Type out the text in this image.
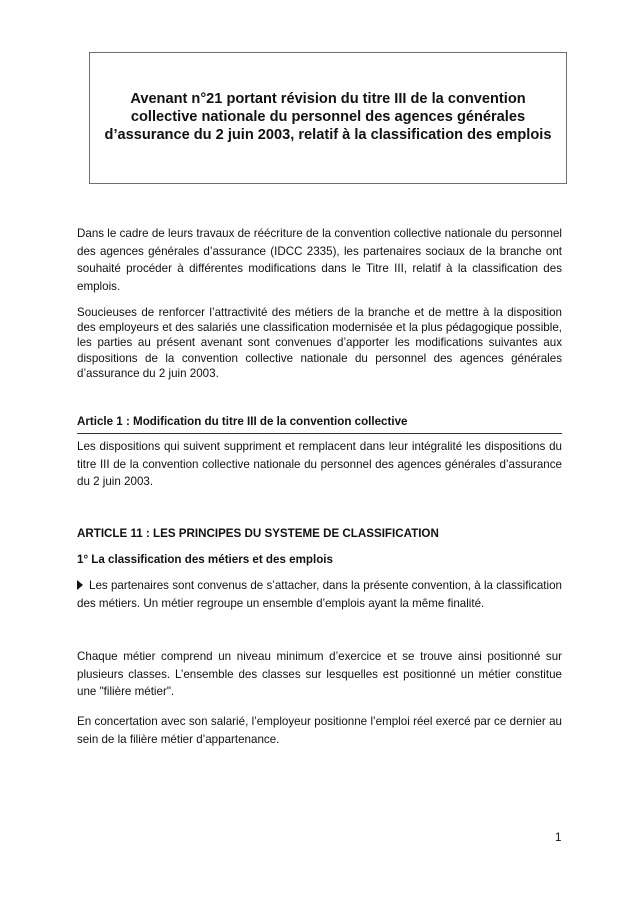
Avenant n°21 portant révision du titre III de la convention
collective nationale du personnel des agences générales
d’assurance du 2 juin 2003, relatif à la classification des emplois

Dans le cadre de leurs travaux de réécriture de la convention collective nationale du personnel des agences générales d’assurance (IDCC 2335), les partenaires sociaux de la branche ont souhaité procéder à différentes modifications dans le Titre III, relatif à la classification des emplois.

Soucieuses de renforcer l’attractivité des métiers de la branche et de mettre à la disposition des employeurs et des salariés une classification modernisée et la plus pédagogique possible, les parties au présent avenant sont convenues d’apporter les modifications suivantes aux dispositions de la convention collective nationale du personnel des agences générales d’assurance du 2 juin 2003.

Article 1 : Modification du titre III de la convention collective

Les dispositions qui suivent suppriment et remplacent dans leur intégralité les dispositions du titre III de la convention collective nationale du personnel des agences générales d’assurance du 2 juin 2003.

ARTICLE 11 : LES PRINCIPES DU SYSTEME DE CLASSIFICATION
1° La classification des métiers et des emplois

Les partenaires sont convenus de s’attacher, dans la présente convention, à la classification des métiers. Un métier regroupe un ensemble d’emplois ayant la même finalité.

Chaque métier comprend un niveau minimum d’exercice et se trouve ainsi positionné sur plusieurs classes. L’ensemble des classes sur lesquelles est positionné un métier constitue une "filière métier".

En concertation avec son salarié, l’employeur positionne l’emploi réel exercé par ce dernier au sein de la filière métier d’appartenance.

1
